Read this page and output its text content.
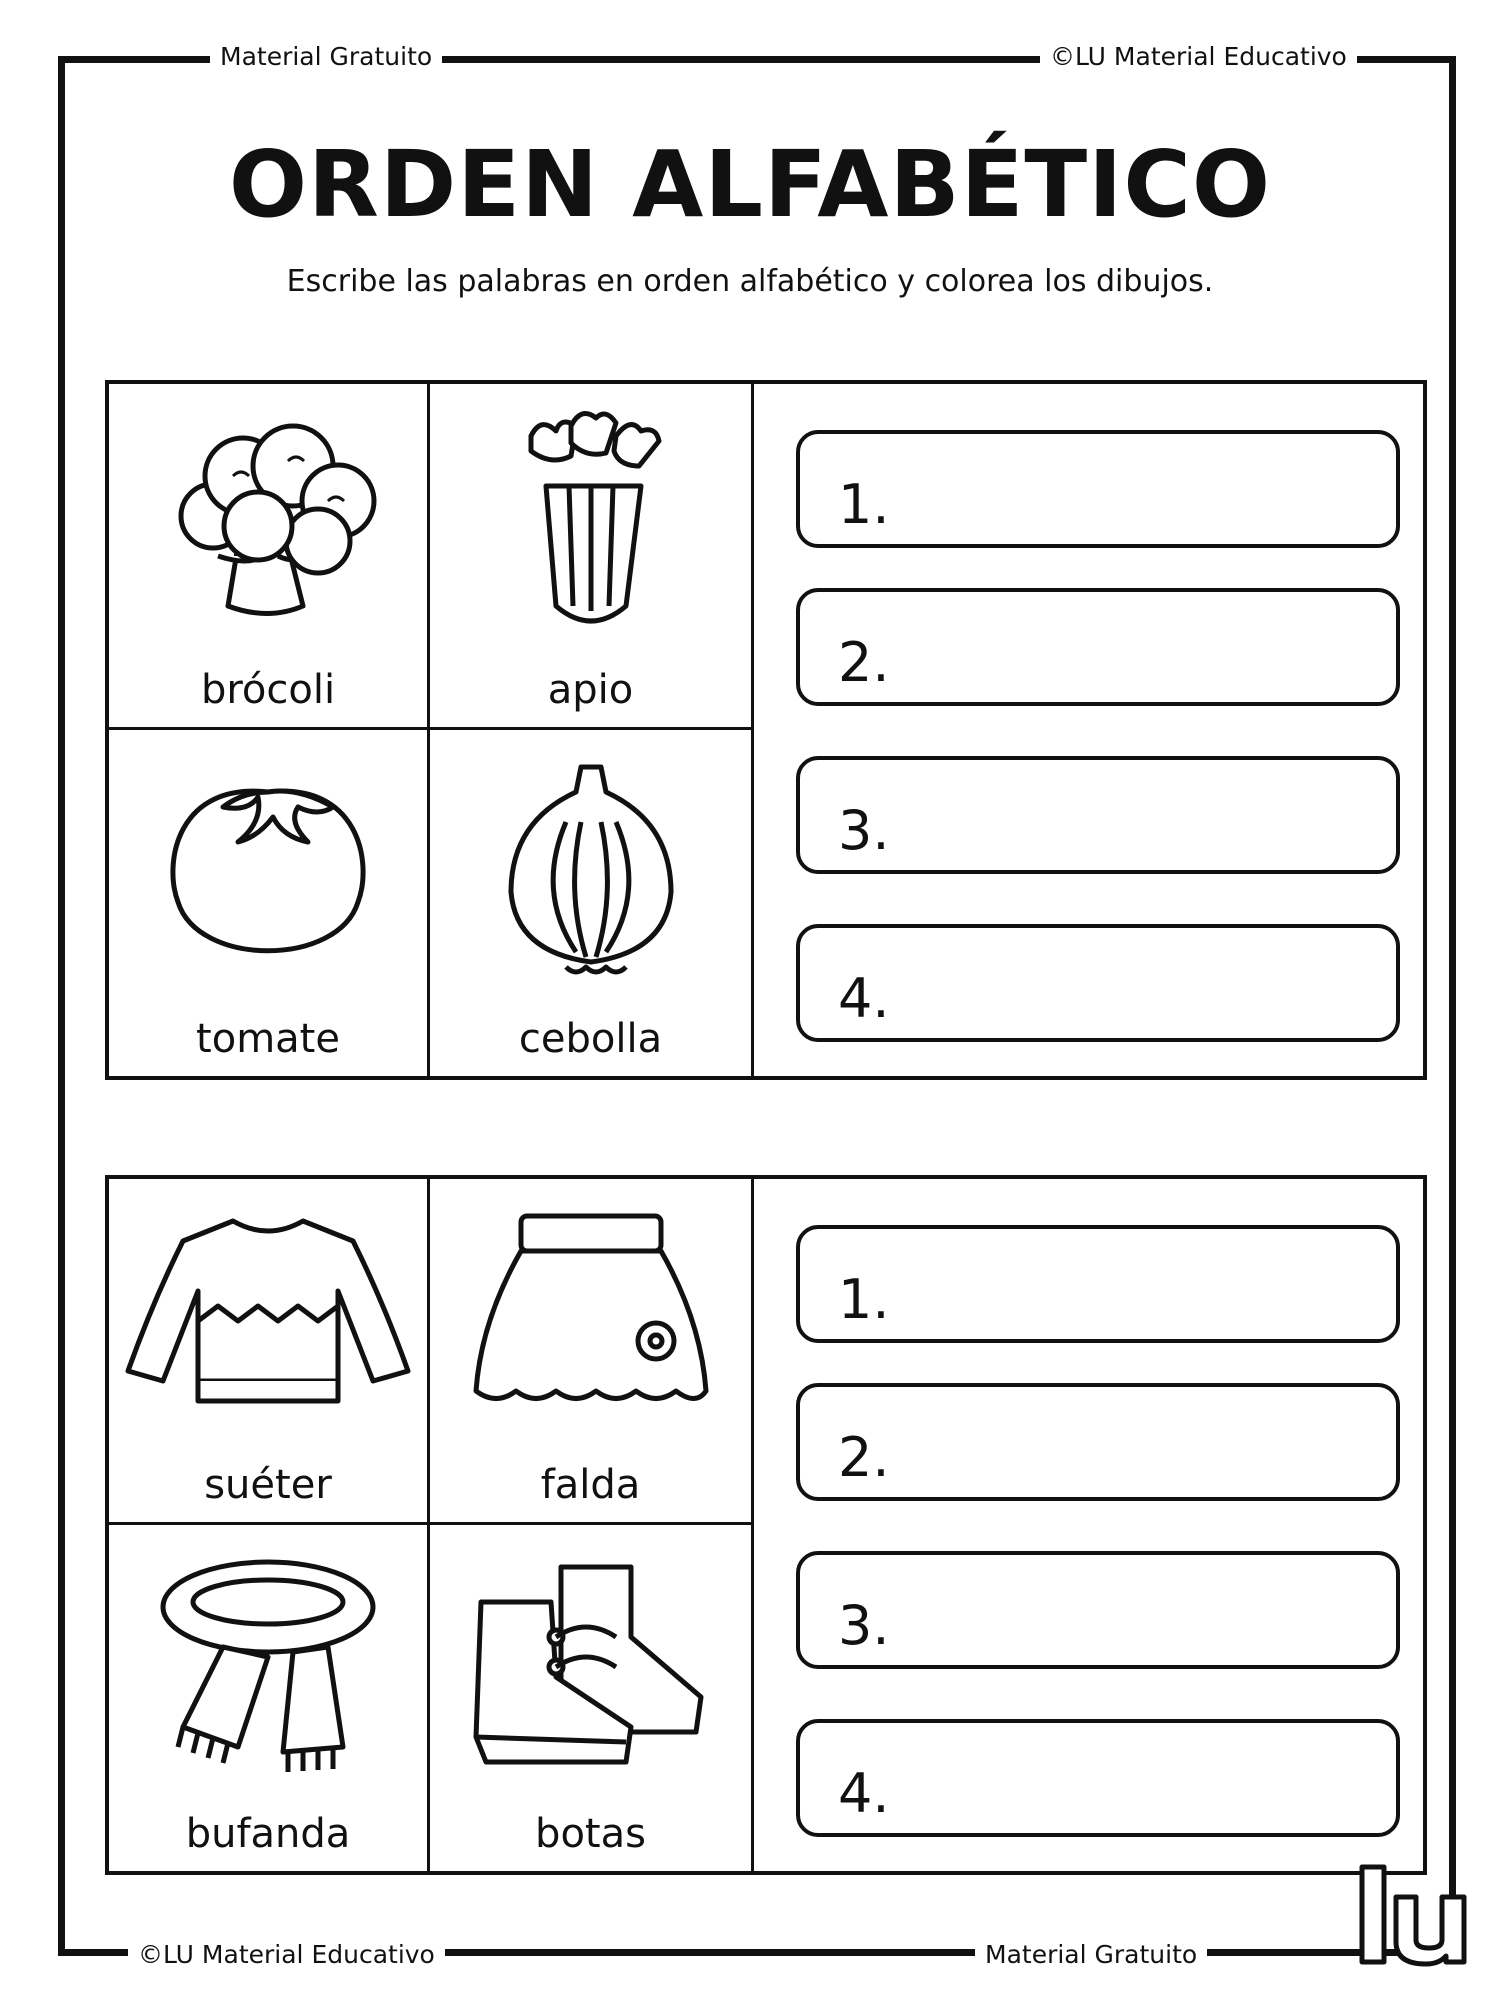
Material Gratuito	©LU Material Educativo
©LU Material Educativo	Material Gratuito
ORDEN ALFABÉTICO
Escribe las palabras en orden alfabético y colorea los dibujos.
brócoli	apio
tomate	cebolla
1.
2.
3.
4.
suéter	falda
bufanda	botas
1.
2.
3.
4.
